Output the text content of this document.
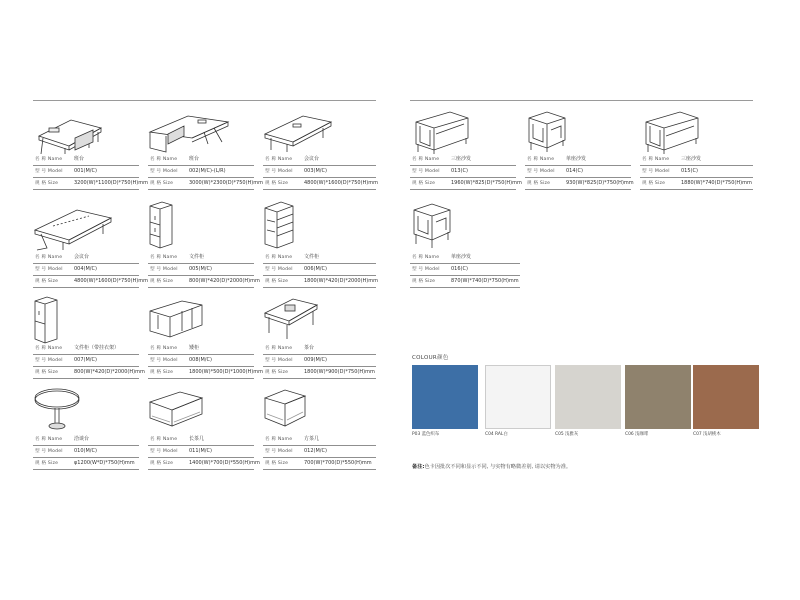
名 称 Name 班台
型 号 Model 001(M/C)
规 格 Size	3200(W)*1100(D)*750(H)mm
名 称 Name 班台
型 号 Model 002(M/C)-(L/R)
规 格 Size	3000(W)*2300(D)*750(H)mm
名 称 Name 会议台
型 号 Model 003(M/C)
规 格 Size	4800(W)*1600(D)*750(H)mm
名 称 Name 会议台
型 号 Model 004(M/C)
规 格 Size	4800(W)*1600(D)*750(H)mm
名 称 Name 文件柜
型 号 Model 005(M/C)
规 格 Size	800(W)*420(D)*2000(H)mm
名 称 Name 文件柜
型 号 Model 006(M/C)
规 格 Size	1800(W)*420(D)*2000(H)mm
名 称 Name 文件柜（带挂衣架）
型 号 Model 007(M/C)
规 格 Size	800(W)*420(D)*2000(H)mm
名 称 Name 矮柜
型 号 Model 008(M/C)
规 格 Size	1800(W)*500(D)*1000(H)mm
名 称 Name 茶台
型 号 Model 009(M/C)
规 格 Size	1800(W)*900(D)*750(H)mm
名 称 Name 洽谈台
型 号 Model 010(M/C)
规 格 Size	φ1200(W*D)*750(H)mm
名 称 Name 长茶几
型 号 Model 011(M/C)
规 格 Size	1400(W)*700(D)*550(H)mm
名 称 Name 方茶几
型 号 Model 012(M/C)
规 格 Size	700(W)*700(D)*550(H)mm
名 称 Name 三座沙发
型 号 Model 013(C)
规 格 Size	1960(W)*825(D)*750(H)mm
名 称 Name 单座沙发
型 号 Model 014(C)
规 格 Size	930(W)*825(D)*750(H)mm
名 称 Name 三座沙发
型 号 Model 015(C)
规 格 Size	1880(W)*740(D)*750(H)mm
名 称 Name 单座沙发
型 号 Model 016(C)
规 格 Size	870(W)*740(D)*750(H)mm
COLOUR颜色
P03 蓝色织布	C04 RAL白	C05 浅雅灰	C06 浅咖啡	C07 浅胡桃木
备注:色卡因批次不同和显示不同, 与实物有略微差别, 请以实物为准。
